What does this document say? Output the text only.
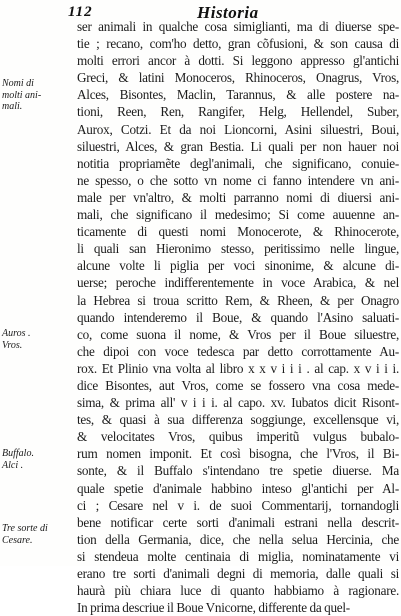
112	Historia
Nomi di
molti ani-
mali.
Auros .
Vros.
Buffalo.
Alci .
Tre sorte di
Cesare.
ser animali in qualche cosa simiglianti, ma di diuerse spe-
tie ; recano, com'ho detto, gran cõfusioni, & son causa di
molti errori ancor à dotti. Si leggono appresso gl'antichi
Greci, & latini Monoceros, Rhinoceros, Onagrus, Vros,
Alces, Bisontes, Maclin, Tarannus, & alle postere na-
tioni, Reen, Ren, Rangifer, Helg, Hellendel, Suber,
Aurox, Cotzi. Et da noi Lioncorni, Asini siluestri, Boui,
siluestri, Alces, & gran Bestia. Li quali per non hauer noi
notitia propriamẽte degl'animali, che significano, conuie-
ne spesso, o che sotto vn nome ci fanno intendere vn ani-
male per vn'altro, & molti parranno nomi di diuersi ani-
mali, che significano il medesimo; Si come auuenne an-
ticamente di questi nomi Monocerote, & Rhinocerote,
li quali san Hieronimo stesso, peritissimo nelle lingue,
alcune volte li piglia per voci sinonime, & alcune di-
uerse; peroche indifferentemente in voce Arabica, & nel
la Hebrea si troua scritto Rem, & Rheen, & per Onagro
quando intenderemo il Boue, & quando l'Asino saluati-
co, come suona il nome, & Vros per il Boue siluestre,
che dipoi con voce tedesca par detto corrottamente Au-
rox. Et Plinio vna volta al libro x x v i i i . al cap. x v i i i.
dice Bisontes, aut Vros, come se fossero vna cosa mede-
sima, & prima all' v i i i. al capo. xv. Iubatos dicit Risont-
tes, & quasi à sua differenza soggiunge, excellensque vi,
& velocitates Vros, quibus imperitũ vulgus bubalo-
rum nomen imponit. Et così bisogna, che l'Vros, il Bi-
sonte, & il Buffalo s'intendano tre spetie diuerse. Ma
quale spetie d'animale habbino inteso gl'antichi per Al-
ci ; Cesare nel v i. de suoi Commentarij, tornandogli
bene notificar certe sorti d'animali estrani nella descrit-
tion della Germania, dice, che nella selua Hercinia, che
si stendeua molte centinaia di miglia, nominatamente vi
erano tre sorti d'animali degni di memoria, dalle quali si
haurà più chiara luce di quanto habbiamo à ragionare.
In prima descriue il Boue Vnicorne, differente da quel-
